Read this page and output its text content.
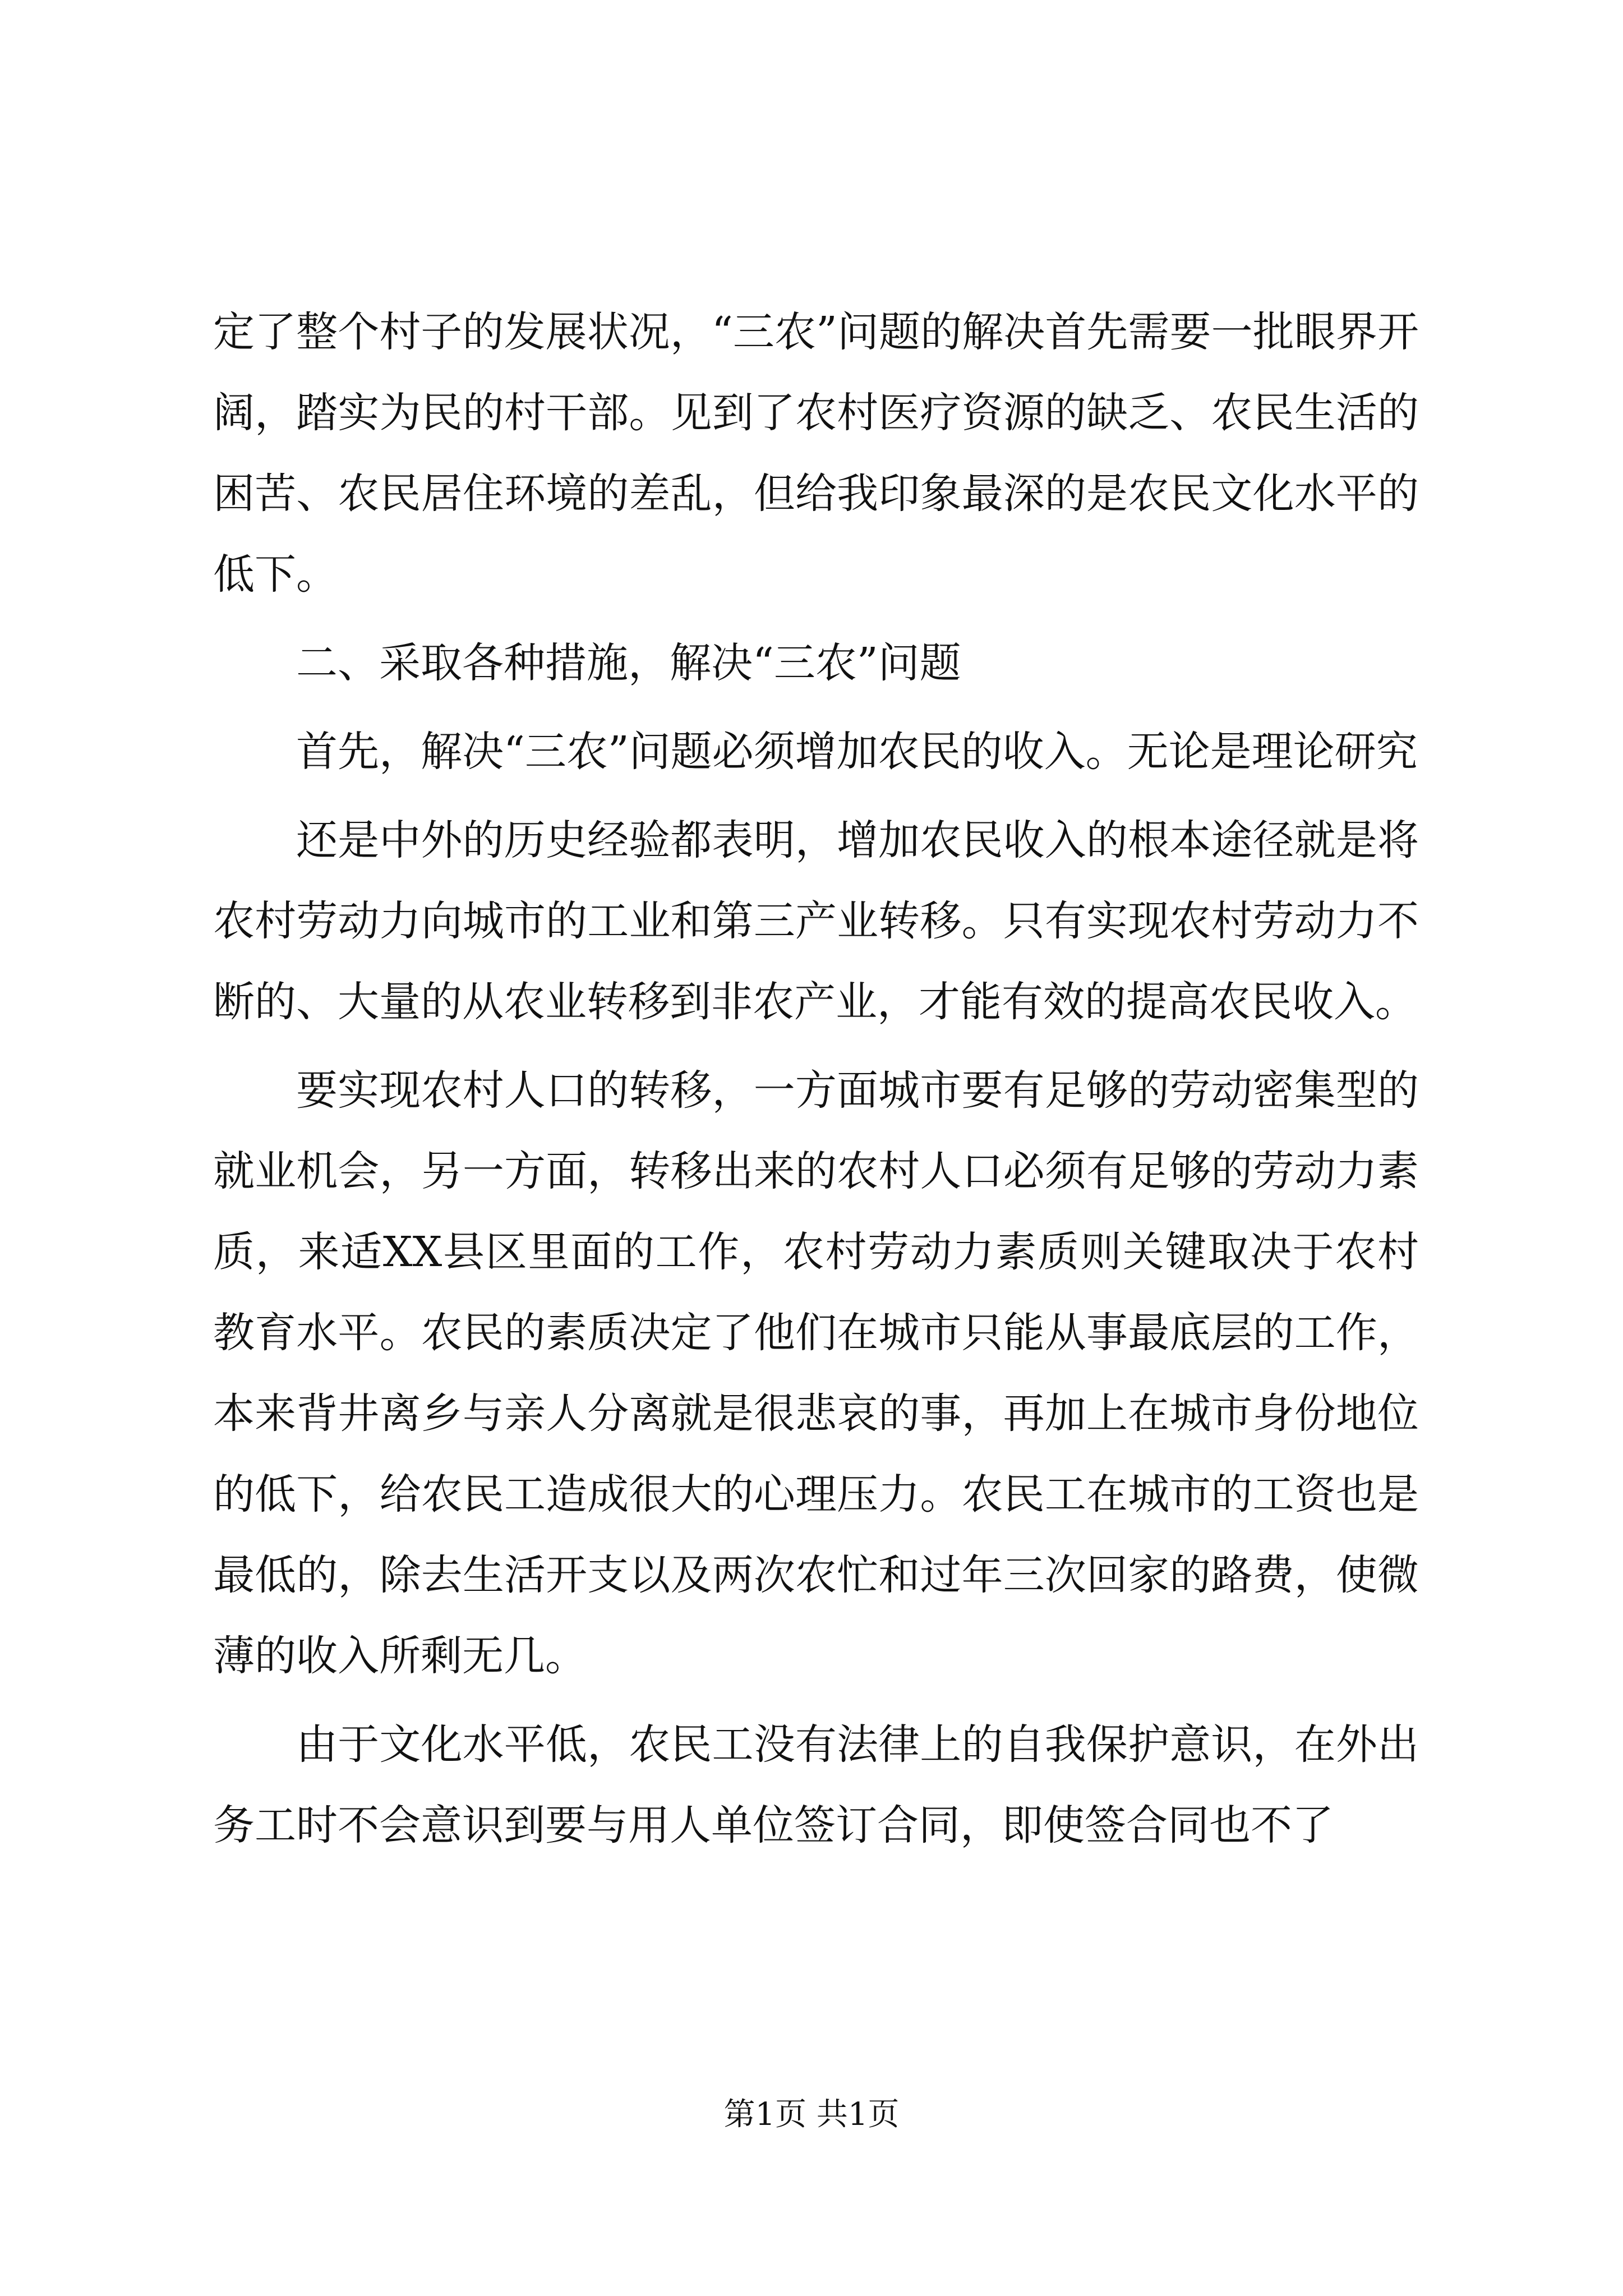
定了整个村子的发展状况，“三农”问题的解决首先需要一批眼界开阔，踏实为民的村干部。见到了农村医疗资源的缺乏、农民生活的困苦、农民居住环境的差乱，但给我印象最深的是农民文化水平的低下。

二、采取各种措施，解决“三农”问题

首先，解决“三农”问题必须增加农民的收入。无论是理论研究

还是中外的历史经验都表明，增加农民收入的根本途径就是将农村劳动力向城市的工业和第三产业转移。只有实现农村劳动力不断的、大量的从农业转移到非农产业，才能有效的提高农民收入。

要实现农村人口的转移，一方面城市要有足够的劳动密集型的就业机会，另一方面，转移出来的农村人口必须有足够的劳动力素质，来适XX县区里面的工作，农村劳动力素质则关键取决于农村教育水平。农民的素质决定了他们在城市只能从事最底层的工作，本来背井离乡与亲人分离就是很悲哀的事，再加上在城市身份地位的低下，给农民工造成很大的心理压力。农民工在城市的工资也是最低的，除去生活开支以及两次农忙和过年三次回家的路费，使微薄的收入所剩无几。

由于文化水平低，农民工没有法律上的自我保护意识，在外出务工时不会意识到要与用人单位签订合同，即使签合同也不了

第1页 共1页
